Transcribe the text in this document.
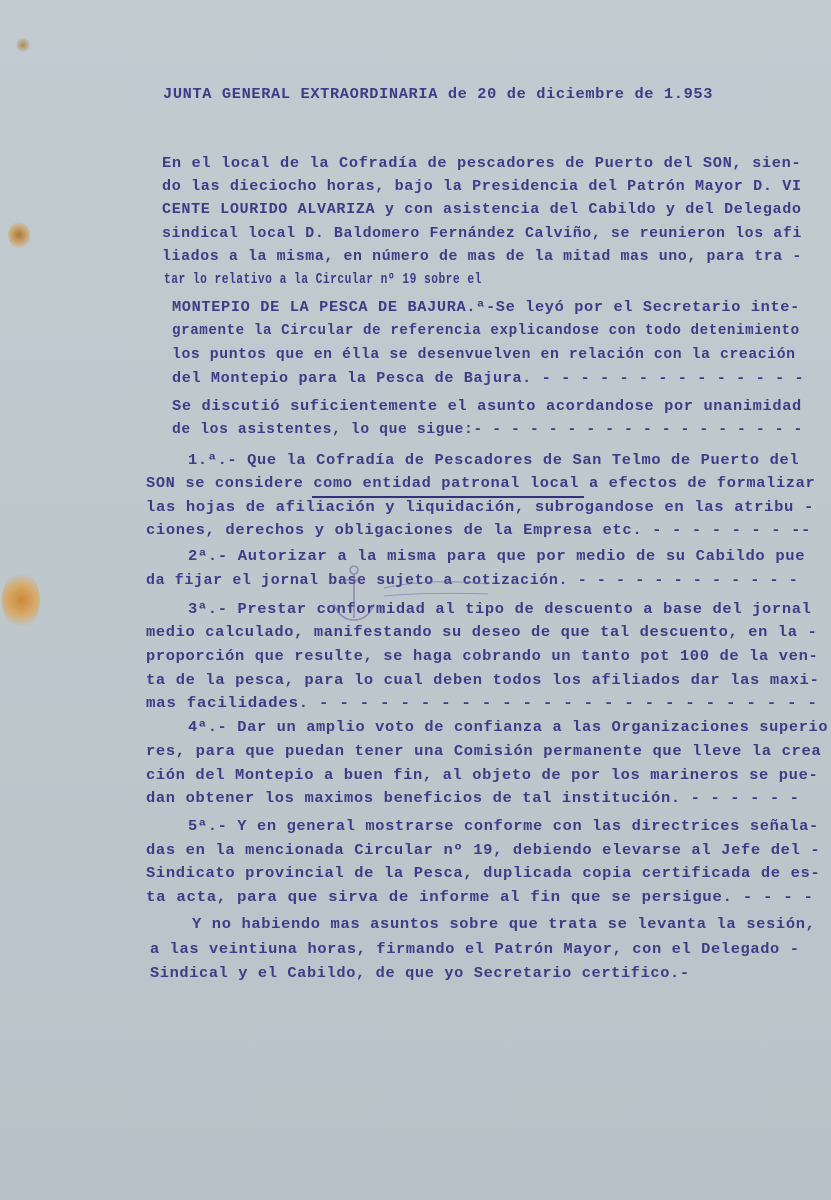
JUNTA GENERAL EXTRAORDINARIA de 20 de diciembre de 1.953
En el local de la Cofradía de pescadores de Puerto del SON, sien-
do las dieciocho horas, bajo la Presidencia del Patrón Mayor D. VI
CENTE LOURIDO ALVARIZA y con asistencia del Cabildo y del Delegado
sindical local D. Baldomero Fernández Calviño, se reunieron los afi
liados a la misma, en número de mas de la mitad mas uno, para tra -
tar lo relativo a la Circular nº 19 sobre el
MONTEPIO DE LA PESCA DE BAJURA.ª-Se leyó por el Secretario inte-
gramente la Circular de referencia explicandose con todo detenimiento
los puntos que en élla se desenvuelven en relación con la creación
del Montepio para la Pesca de Bajura. - - - - - - - - - - - - - -
Se discutió suficientemente el asunto acordandose por unanimidad
de los asistentes, lo que sigue:- - - - - - - - - - - - - - - - - -
1.ª.- Que la Cofradía de Pescadores de San Telmo de Puerto del
SON se considere como entidad patronal local a efectos de formalizar
las hojas de afiliación y liquidación, subrogandose en las atribu -
ciones, derechos y obligaciones de la Empresa etc. - - - - - - - --
2ª.- Autorizar a la misma para que por medio de su Cabildo pue
da fijar el jornal base sujeto a cotización. - - - - - - - - - - - -
3ª.- Prestar conformidad al tipo de descuento a base del jornal
medio calculado, manifestando su deseo de que tal descuento, en la -
proporción que resulte, se haga cobrando un tanto pot 100 de la ven-
ta de la pesca, para lo cual deben todos los afiliados dar las maxi-
mas facilidades. - - - - - - - - - - - - - - - - - - - - - - - - -
4ª.- Dar un amplio voto de confianza a las Organizaciones superio
res, para que puedan tener una Comisión permanente que lleve la crea
ción del Montepio a buen fin, al objeto de por los marineros se pue-
dan obtener los maximos beneficios de tal institución. - - - - - -
5ª.- Y en general mostrarse conforme con las directrices señala-
das en la mencionada Circular nº 19, debiendo elevarse al Jefe del -
Sindicato provincial de la Pesca, duplicada copia certificada de es-
ta acta, para que sirva de informe al fin que se persigue. - - - -
Y no habiendo mas asuntos sobre que trata se levanta la sesión,
a las veintiuna horas, firmando el Patrón Mayor, con el Delegado -
Sindical y el Cabildo, de que yo Secretario certifico.-
